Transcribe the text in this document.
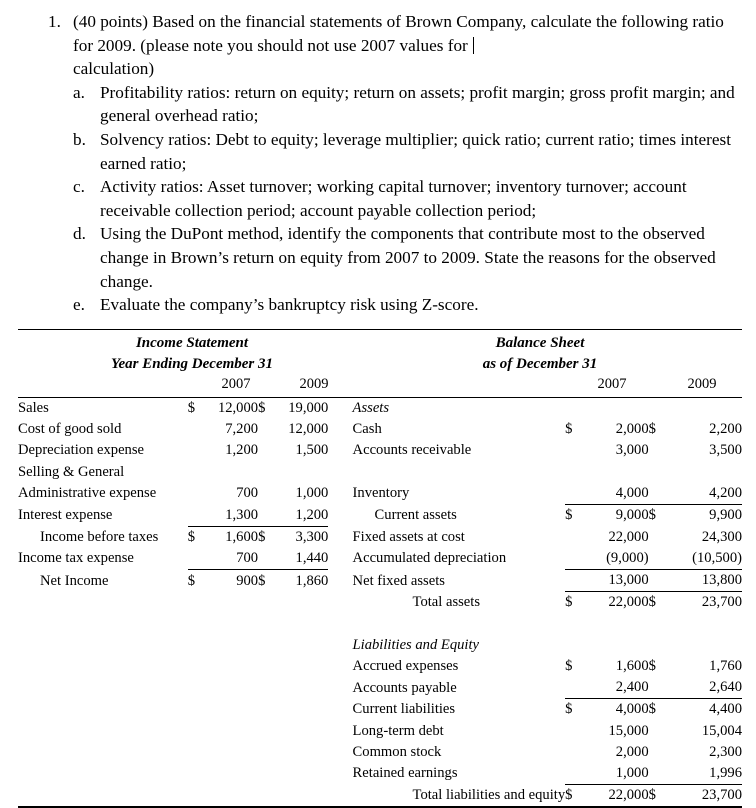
1. (40 points) Based on the financial statements of Brown Company, calculate the following ratio for 2009. (please note you should not use 2007 values for
calculation)
a. Profitability ratios: return on equity; return on assets; profit margin; gross profit margin; and general overhead ratio;
b. Solvency ratios: Debt to equity; leverage multiplier; quick ratio; current ratio; times interest earned ratio;
c. Activity ratios: Asset turnover; working capital turnover; inventory turnover; account receivable collection period; account payable collection period;
d. Using the DuPont method, identify the components that contribute most to the observed change in Brown’s return on equity from 2007 to 2009. State the reasons for the observed change.
e. Evaluate the company’s bankruptcy risk using Z-score.
Income Statement
Year Ending December 31
Balance Sheet
as of December 31
2007	2009	2007	2009
Sales	$	12,000	$	19,000		Assets				
Cost of good sold		7,200		12,000		Cash	$	2,000	$	2,200
Depreciation expense		1,200		1,500		Accounts receivable		3,000		3,500
Selling & General										
Administrative expense		700		1,000		Inventory		4,000		4,200
Interest expense		1,300		1,200		Current assets	$	9,000	$	9,900
Income before taxes	$	1,600	$	3,300		Fixed assets at cost		22,000		24,300
Income tax expense		700		1,440		Accumulated depreciation		(9,000)		(10,500)
Net Income	$	900	$	1,860		Net fixed assets		13,000		13,800
						Total assets	$	22,000	$	23,700

						Liabilities and Equity				
						Accrued expenses	$	1,600	$	1,760
						Accounts payable		2,400		2,640
						Current liabilities	$	4,000	$	4,400
						Long-term debt		15,000		15,004
						Common stock		2,000		2,300
						Retained earnings		1,000		1,996
						Total liabilities and equity	$	22,000	$	23,700
